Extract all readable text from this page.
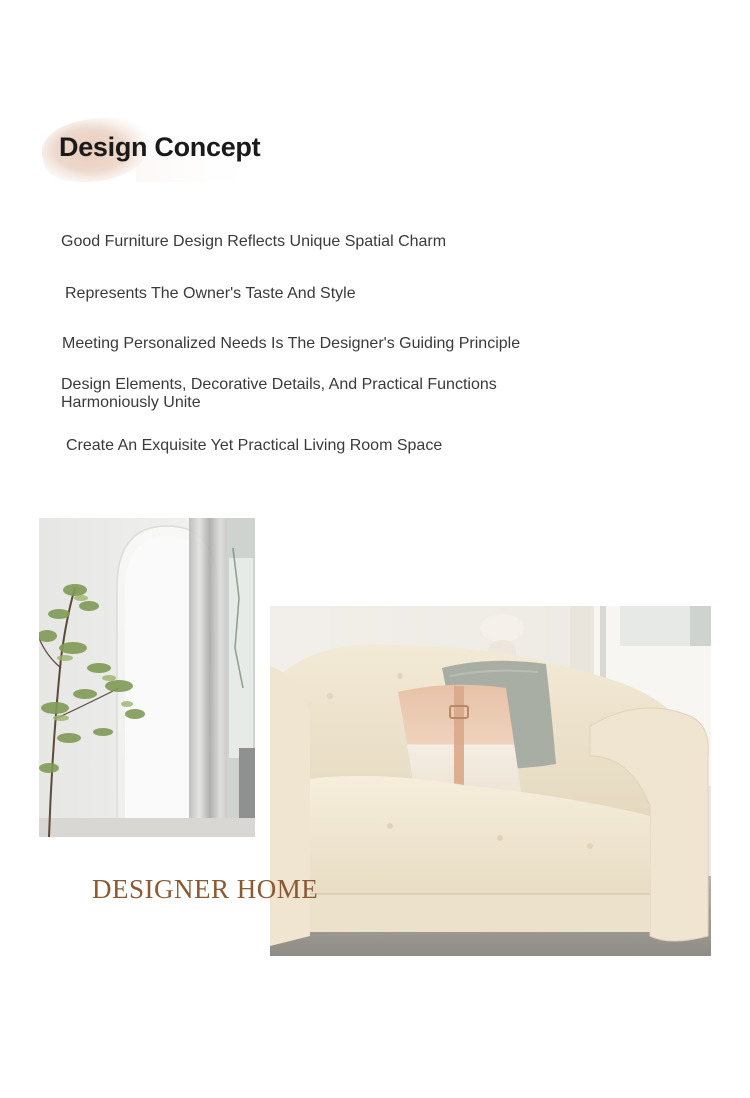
Design Concept

Good Furniture Design Reflects Unique Spatial Charm

Represents The Owner's Taste And Style

Meeting Personalized Needs Is The Designer's Guiding Principle

Design Elements, Decorative Details, And Practical Functions Harmoniously Unite

Create An Exquisite Yet Practical Living Room Space

DESIGNER HOME
